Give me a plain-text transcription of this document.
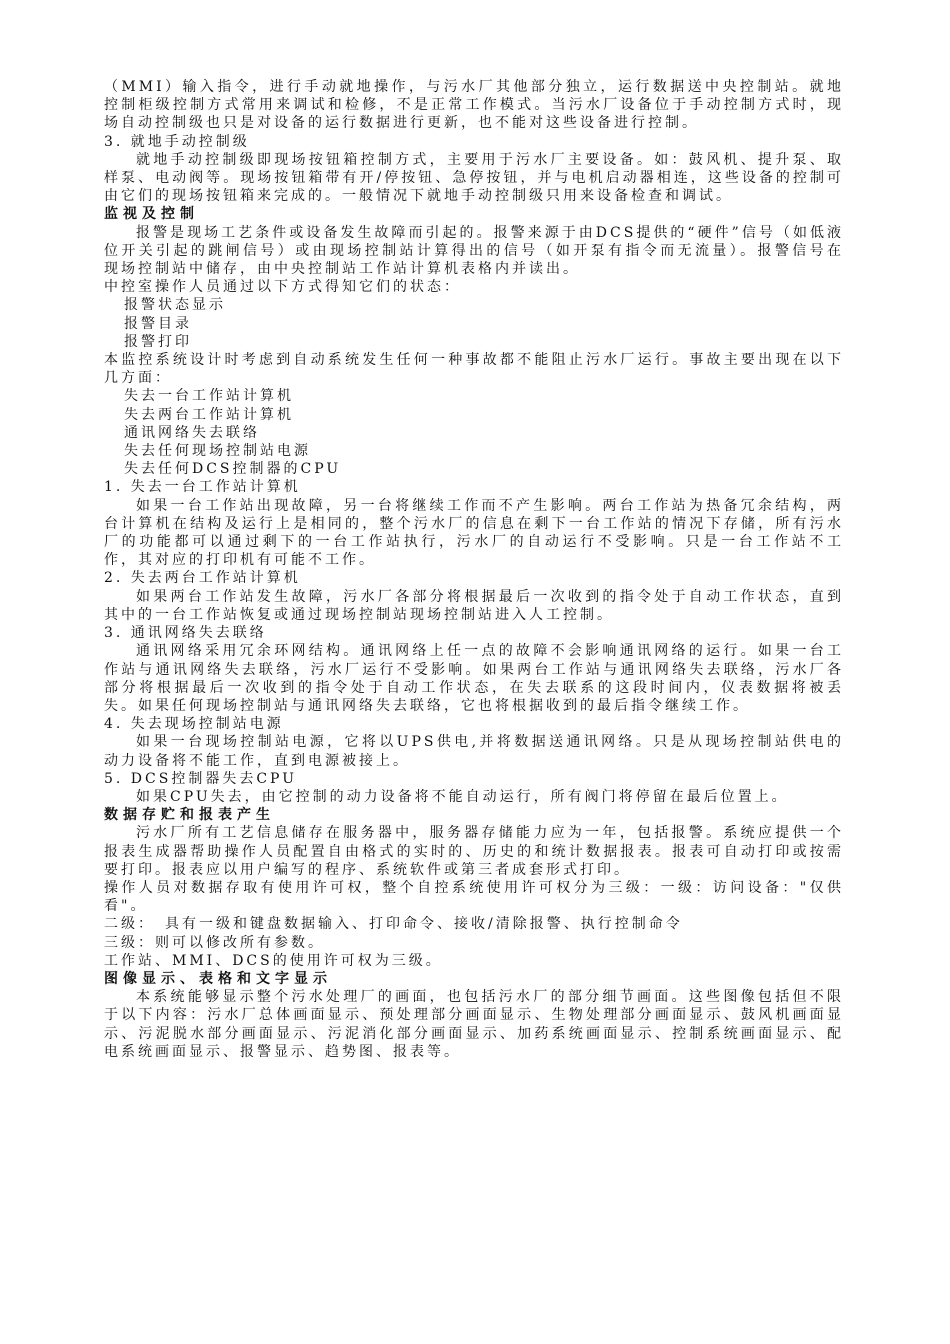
（MMI）输入指令，进行手动就地操作，与污水厂其他部分独立，运行数据送中央控制站。就地控制柜级控制方式常用来调试和检修，不是正常工作模式。当污水厂设备位于手动控制方式时，现场自动控制级也只是对设备的运行数据进行更新，也不能对这些设备进行控制。

3. 就地手动控制级

就地手动控制级即现场按钮箱控制方式，主要用于污水厂主要设备。如：鼓风机、提升泵、取样泵、电动阀等。现场按钮箱带有开/停按钮、急停按钮，并与电机启动器相连，这些设备的控制可由它们的现场按钮箱来完成的。一般情况下就地手动控制级只用来设备检查和调试。

监视及控制

报警是现场工艺条件或设备发生故障而引起的。报警来源于由DCS提供的“硬件”信号（如低液位开关引起的跳闸信号）或由现场控制站计算得出的信号（如开泵有指令而无流量）。报警信号在现场控制站中储存，由中央控制站工作站计算机表格内并读出。

中控室操作人员通过以下方式得知它们的状态：

报警状态显示

报警目录

报警打印

本监控系统设计时考虑到自动系统发生任何一种事故都不能阻止污水厂运行。事故主要出现在以下几方面：

失去一台工作站计算机

失去两台工作站计算机

通讯网络失去联络

失去任何现场控制站电源

失去任何DCS控制器的CPU

1. 失去一台工作站计算机

如果一台工作站出现故障，另一台将继续工作而不产生影响。两台工作站为热备冗余结构，两台计算机在结构及运行上是相同的，整个污水厂的信息在剩下一台工作站的情况下存储，所有污水厂的功能都可以通过剩下的一台工作站执行，污水厂的自动运行不受影响。只是一台工作站不工作，其对应的打印机有可能不工作。

2. 失去两台工作站计算机

如果两台工作站发生故障，污水厂各部分将根据最后一次收到的指令处于自动工作状态，直到其中的一台工作站恢复或通过现场控制站现场控制站进入人工控制。

3. 通讯网络失去联络

通讯网络采用冗余环网结构。通讯网络上任一点的故障不会影响通讯网络的运行。如果一台工作站与通讯网络失去联络，污水厂运行不受影响。如果两台工作站与通讯网络失去联络，污水厂各部分将根据最后一次收到的指令处于自动工作状态，在失去联系的这段时间内，仪表数据将被丢失。如果任何现场控制站与通讯网络失去联络，它也将根据收到的最后指令继续工作。

4. 失去现场控制站电源

如果一台现场控制站电源，它将以UPS供电,并将数据送通讯网络。只是从现场控制站供电的动力设备将不能工作，直到电源被接上。

5. DCS控制器失去CPU

如果CPU失去，由它控制的动力设备将不能自动运行，所有阀门将停留在最后位置上。

数据存贮和报表产生

污水厂所有工艺信息储存在服务器中，服务器存储能力应为一年，包括报警。系统应提供一个报表生成器帮助操作人员配置自由格式的实时的、历史的和统计数据报表。报表可自动打印或按需要打印。报表应以用户编写的程序、系统软件或第三者成套形式打印。

操作人员对数据存取有使用许可权，整个自控系统使用许可权分为三级：一级：访问设备："仅供看"。

二级：　具有一级和键盘数据输入、打印命令、接收/清除报警、执行控制命令

三级：则可以修改所有参数。

工作站、MMI、DCS的使用许可权为三级。

图像显示、表格和文字显示

本系统能够显示整个污水处理厂的画面，也包括污水厂的部分细节画面。这些图像包括但不限于以下内容：污水厂总体画面显示、预处理部分画面显示、生物处理部分画面显示、鼓风机画面显示、污泥脱水部分画面显示、污泥消化部分画面显示、加药系统画面显示、控制系统画面显示、配电系统画面显示、报警显示、趋势图、报表等。
